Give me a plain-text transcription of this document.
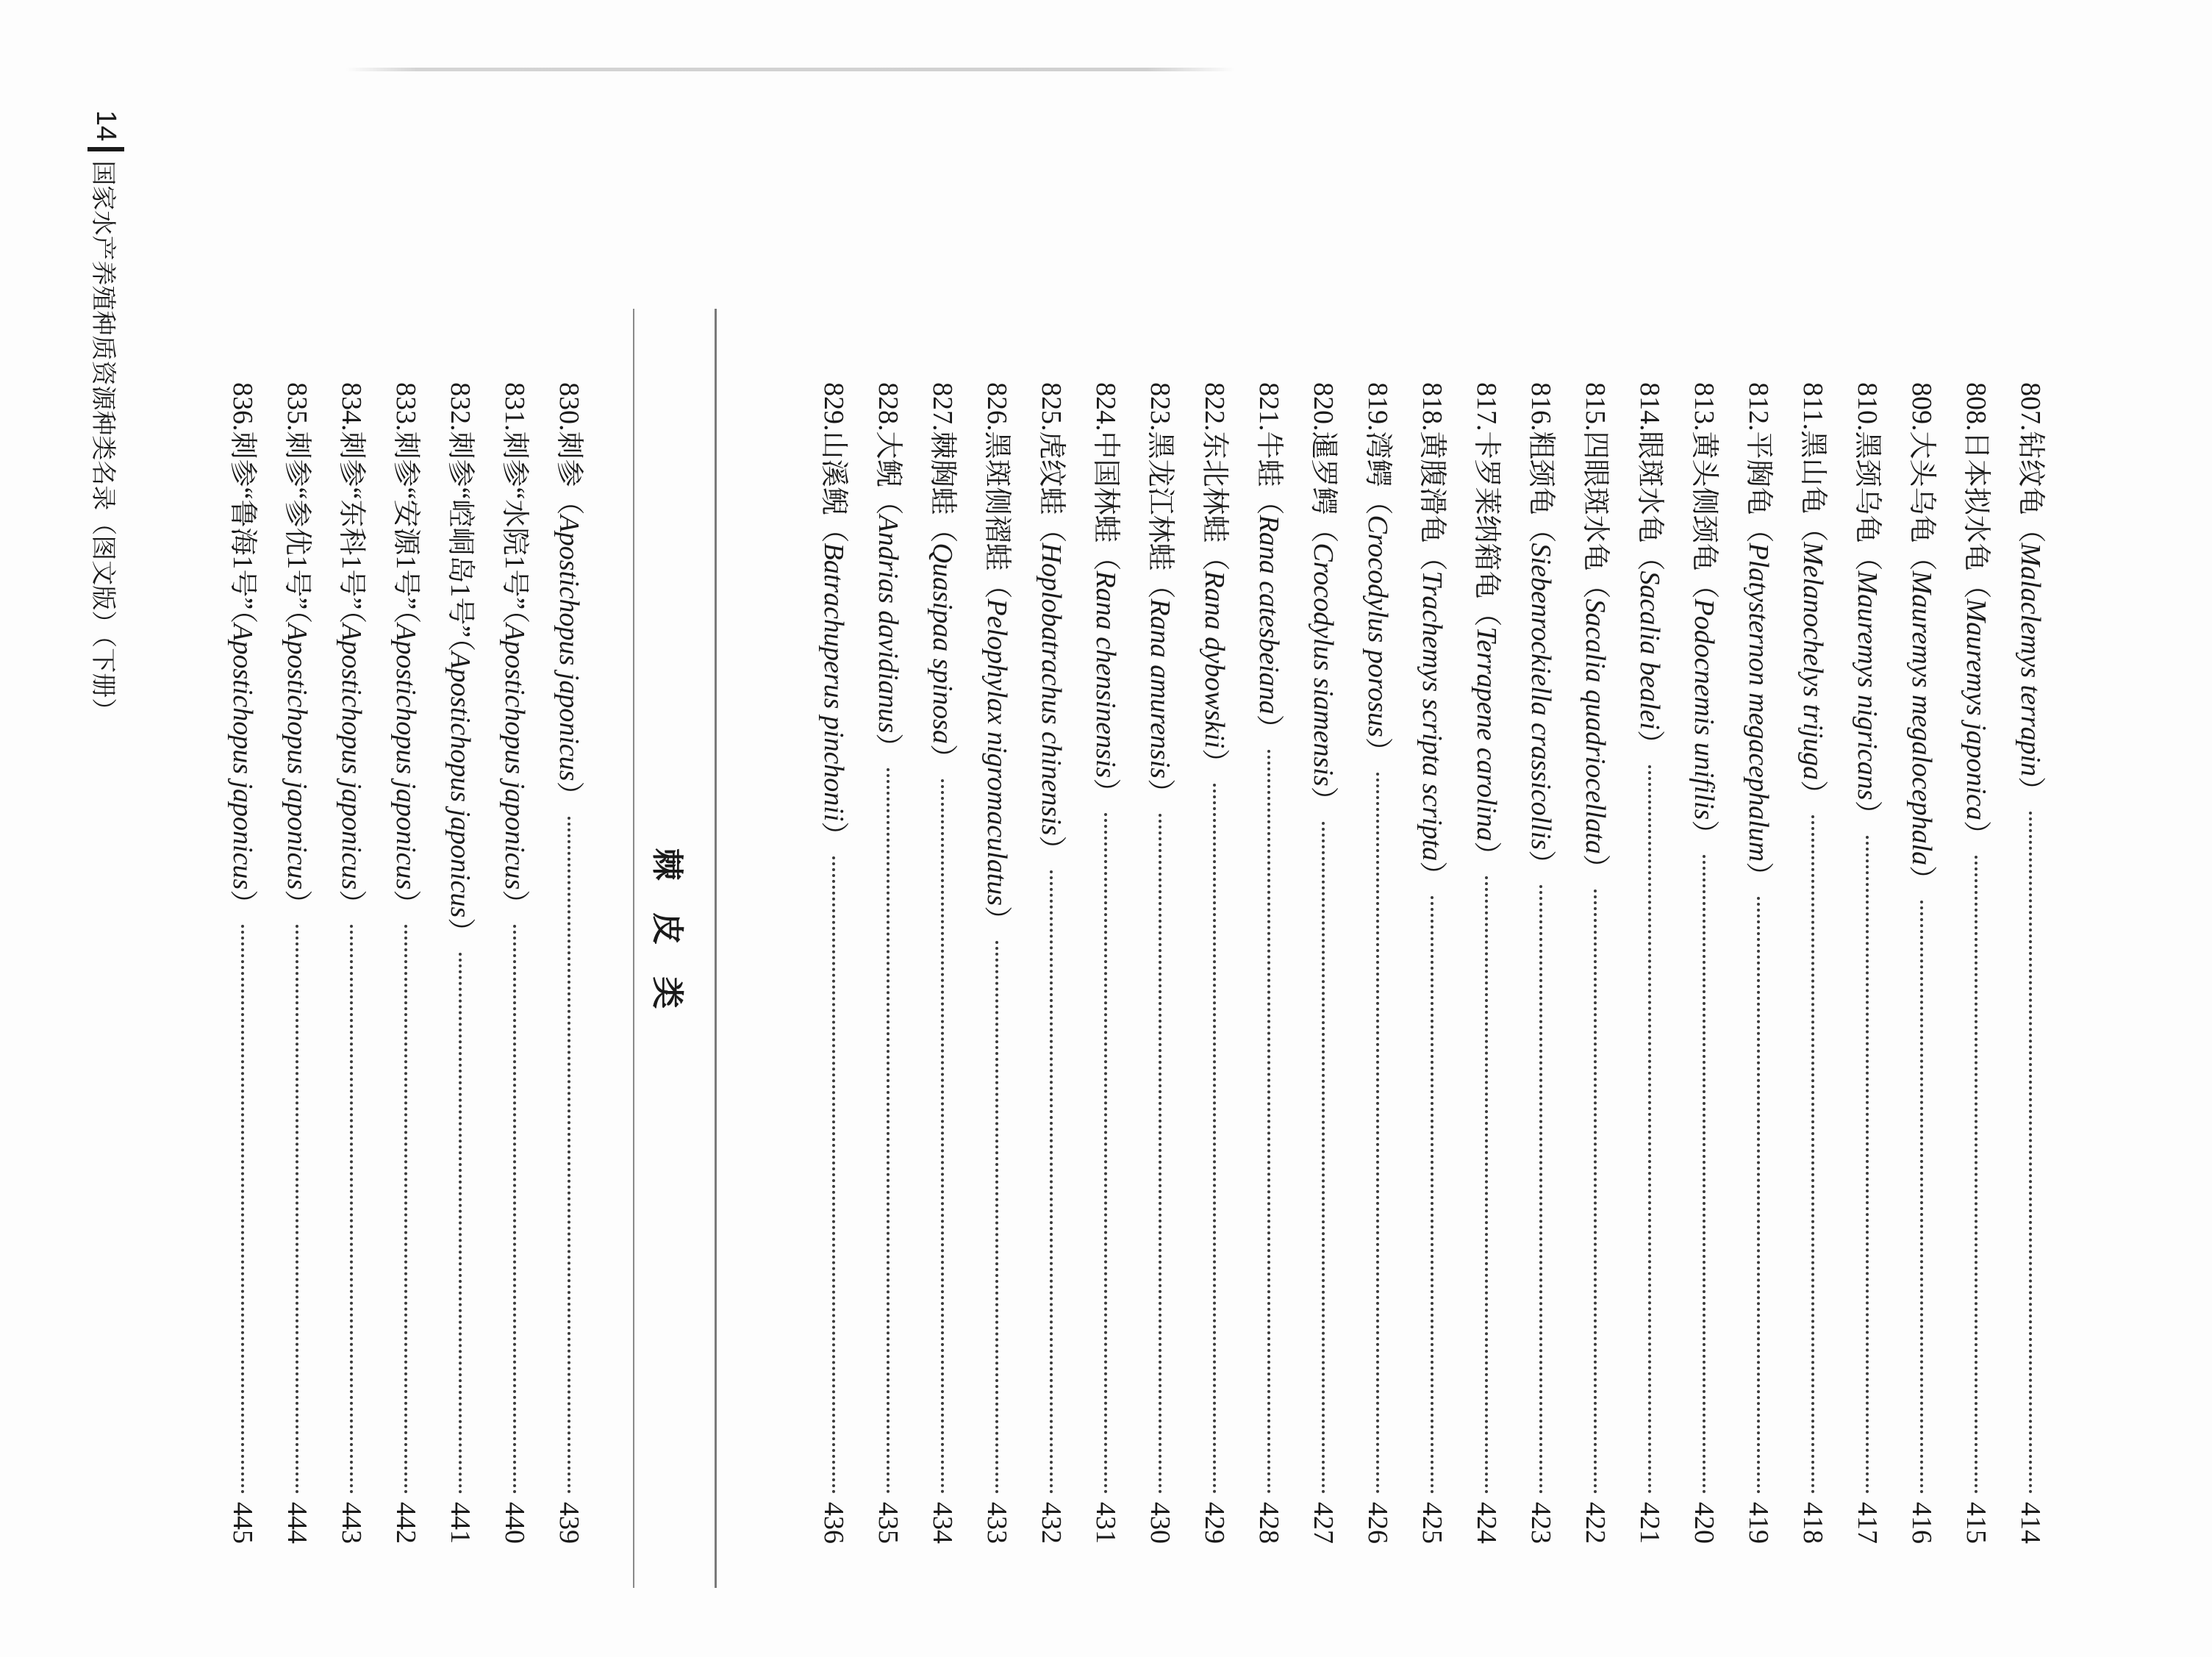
807.钻纹龟（Malaclemys terrapin）
414
808.日本拟水龟（Mauremys japonica）
415
809.大头乌龟（Mauremys megalocephala）
416
810.黑颈乌龟（Mauremys nigricans）
417
811.黑山龟（Melanochelys trijuga）
418
812.平胸龟（Platysternon megacephalum）
419
813.黄头侧颈龟（Podocnemis unifilis）
420
814.眼斑水龟（Sacalia bealei）
421
815.四眼斑水龟（Sacalia quadriocellata）
422
816.粗颈龟（Siebenrockiella crassicollis）
423
817.卡罗莱纳箱龟（Terrapene carolina）
424
818.黄腹滑龟（Trachemys scripta scripta）
425
819.湾鳄（Crocodylus porosus）
426
820.暹罗鳄（Crocodylus siamensis）
427
821.牛蛙（Rana catesbeiana）
428
822.东北林蛙（Rana dybowskii）
429
823.黑龙江林蛙（Rana amurensis）
430
824.中国林蛙（Rana chensinensis）
431
825.虎纹蛙（Hoplobatrachus chinensis）
432
826.黑斑侧褶蛙（Pelophylax nigromaculatus）
433
827.棘胸蛙（Quasipaa spinosa）
434
828.大鲵（Andrias davidianus）
435
829.山溪鲵（Batrachuperus pinchonii）
436
棘 皮 类
830.刺参（Apostichopus japonicus）
439
831.刺参“水院1号”（Apostichopus japonicus）
440
832.刺参“崆峒岛1号”（Apostichopus japonicus）
441
833.刺参“安源1号”（Apostichopus japonicus）
442
834.刺参“东科1号”（Apostichopus japonicus）
443
835.刺参“参优1号”（Apostichopus japonicus）
444
836.刺参“鲁海1号”（Apostichopus japonicus）
445
14
国家水产养殖种质资源种类名录（图文版）（下册）
